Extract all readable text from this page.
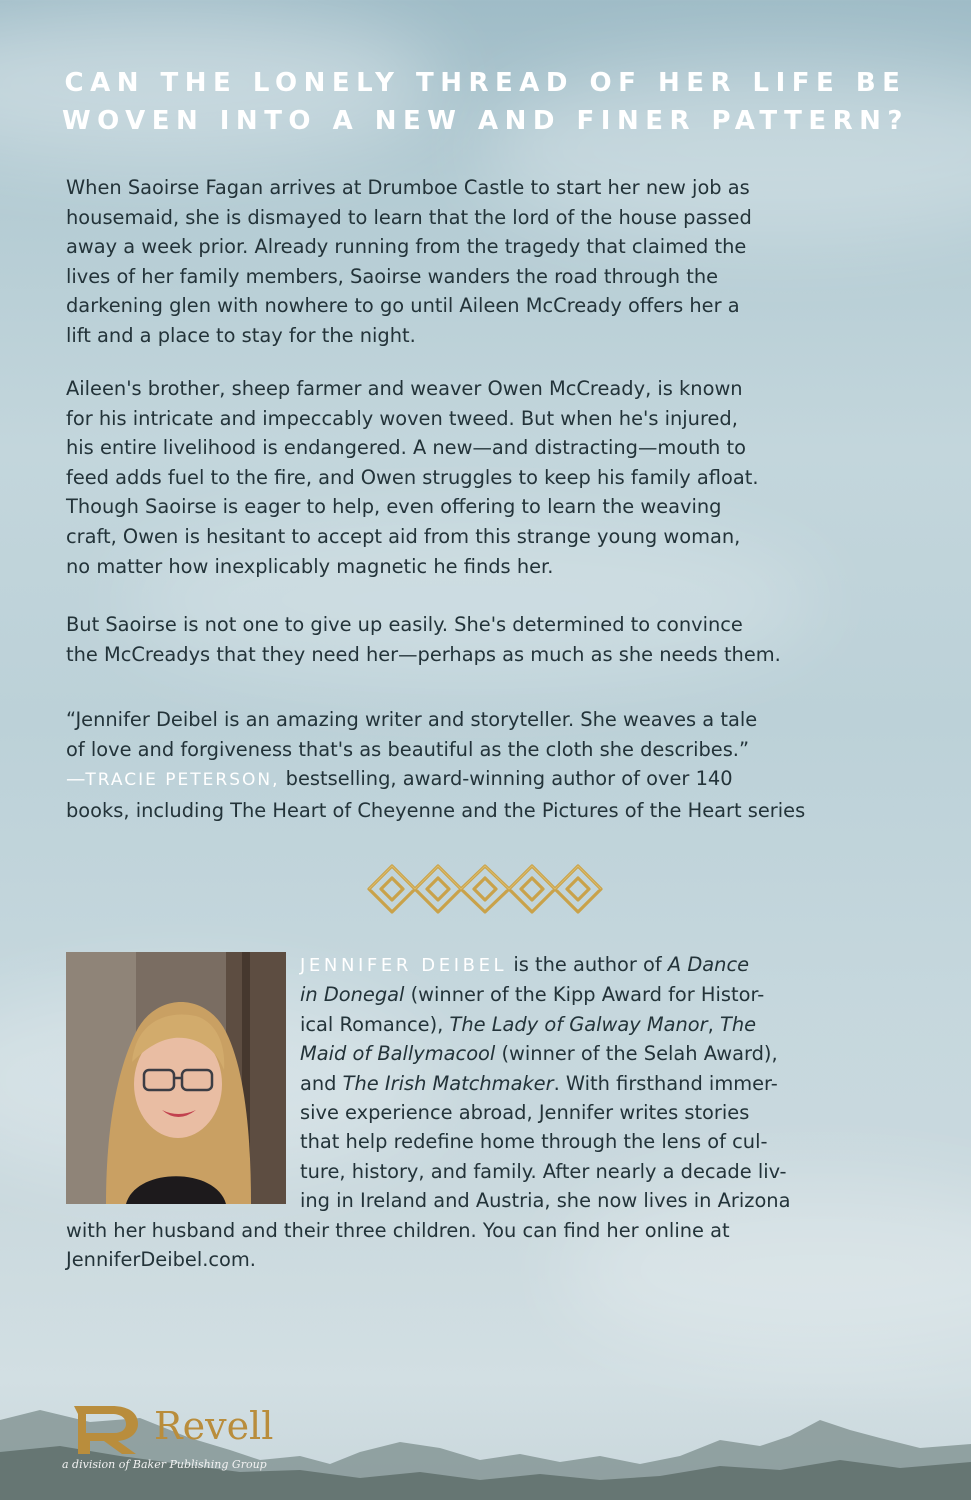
CAN THE LONELY THREAD OF HER LIFE BE
WOVEN INTO A NEW AND FINER PATTERN?

When Saoirse Fagan arrives at Drumboe Castle to start her new job as
housemaid, she is dismayed to learn that the lord of the house passed
away a week prior. Already running from the tragedy that claimed the
lives of her family members, Saoirse wanders the road through the
darkening glen with nowhere to go until Aileen McCready offers her a
lift and a place to stay for the night.

Aileen's brother, sheep farmer and weaver Owen McCready, is known
for his intricate and impeccably woven tweed. But when he's injured,
his entire livelihood is endangered. A new—and distracting—mouth to
feed adds fuel to the fire, and Owen struggles to keep his family afloat.
Though Saoirse is eager to help, even offering to learn the weaving
craft, Owen is hesitant to accept aid from this strange young woman,
no matter how inexplicably magnetic he finds her.

But Saoirse is not one to give up easily. She's determined to convince
the McCreadys that they need her—perhaps as much as she needs them.

“Jennifer Deibel is an amazing writer and storyteller. She weaves a tale
of love and forgiveness that's as beautiful as the cloth she describes.”
—TRACIE PETERSON, bestselling, award-winning author of over 140
books, including The Heart of Cheyenne and the Pictures of the Heart series

JENNIFER DEIBEL is the author of A Dance
in Donegal (winner of the Kipp Award for Histor-
ical Romance), The Lady of Galway Manor, The
Maid of Ballymacool (winner of the Selah Award),
and The Irish Matchmaker. With firsthand immer-
sive experience abroad, Jennifer writes stories
that help redefine home through the lens of cul-
ture, history, and family. After nearly a decade liv-
ing in Ireland and Austria, she now lives in Arizona
with her husband and their three children. You can find her online at
JenniferDeibel.com.

Revell

a division of Baker Publishing Group
